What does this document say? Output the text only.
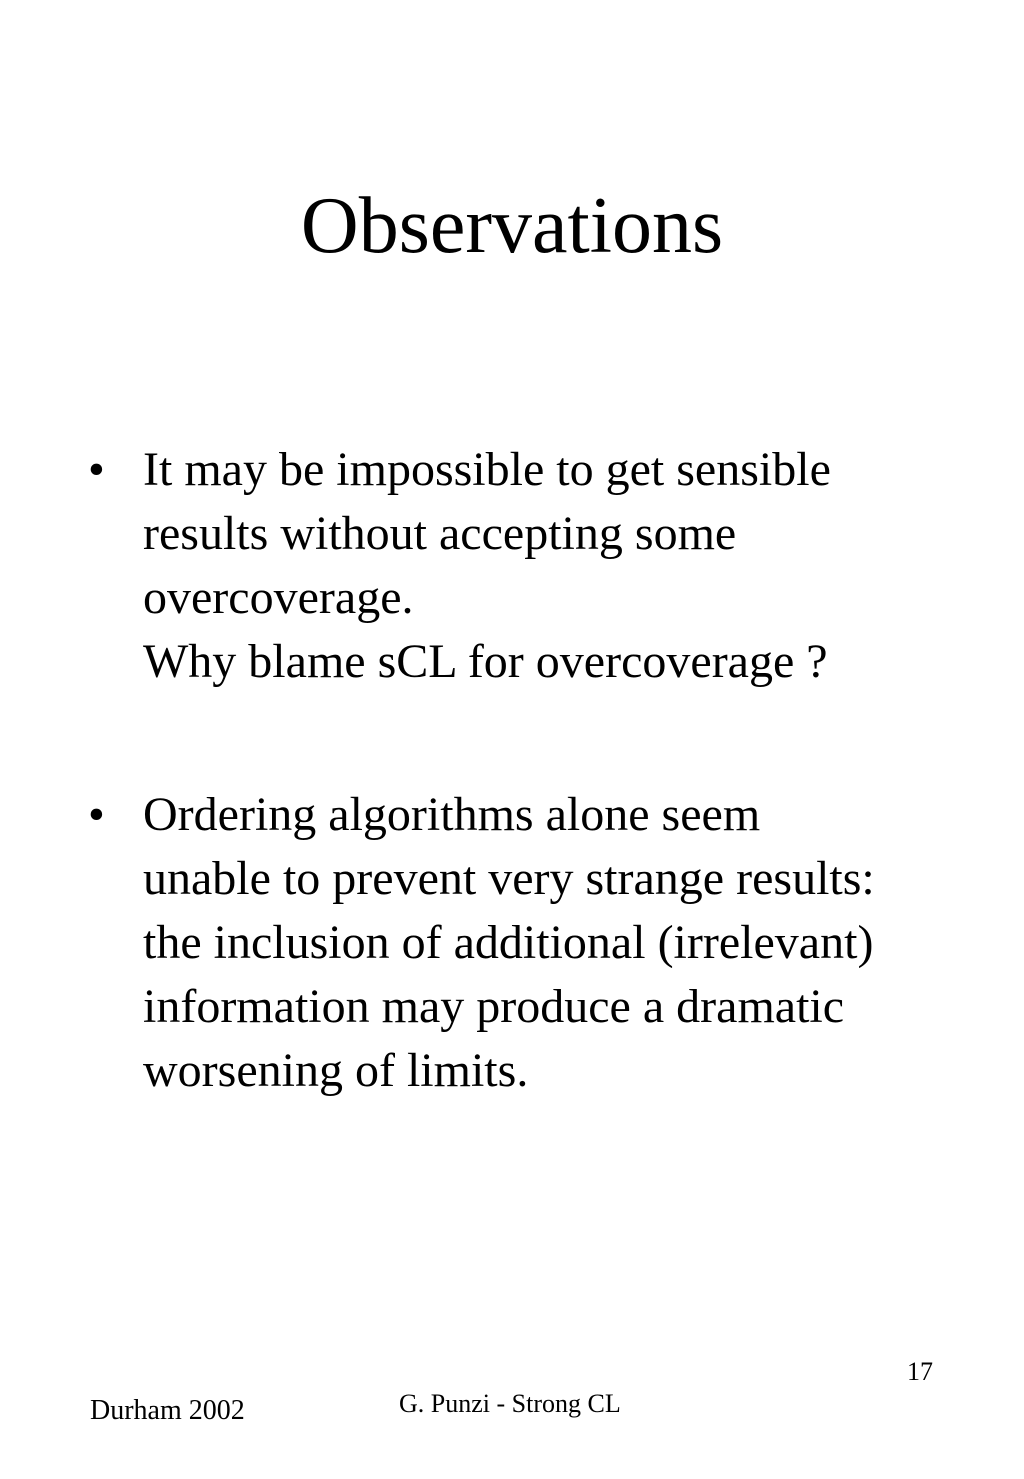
Observations
• It may be impossible to get sensible
results without accepting some
overcoverage.
Why blame sCL for overcoverage ?
• Ordering algorithms alone seem
unable to prevent very strange results:
the inclusion of additional (irrelevant)
information may produce a dramatic
worsening of limits.
17
Durham 2002	G. Punzi - Strong CL
